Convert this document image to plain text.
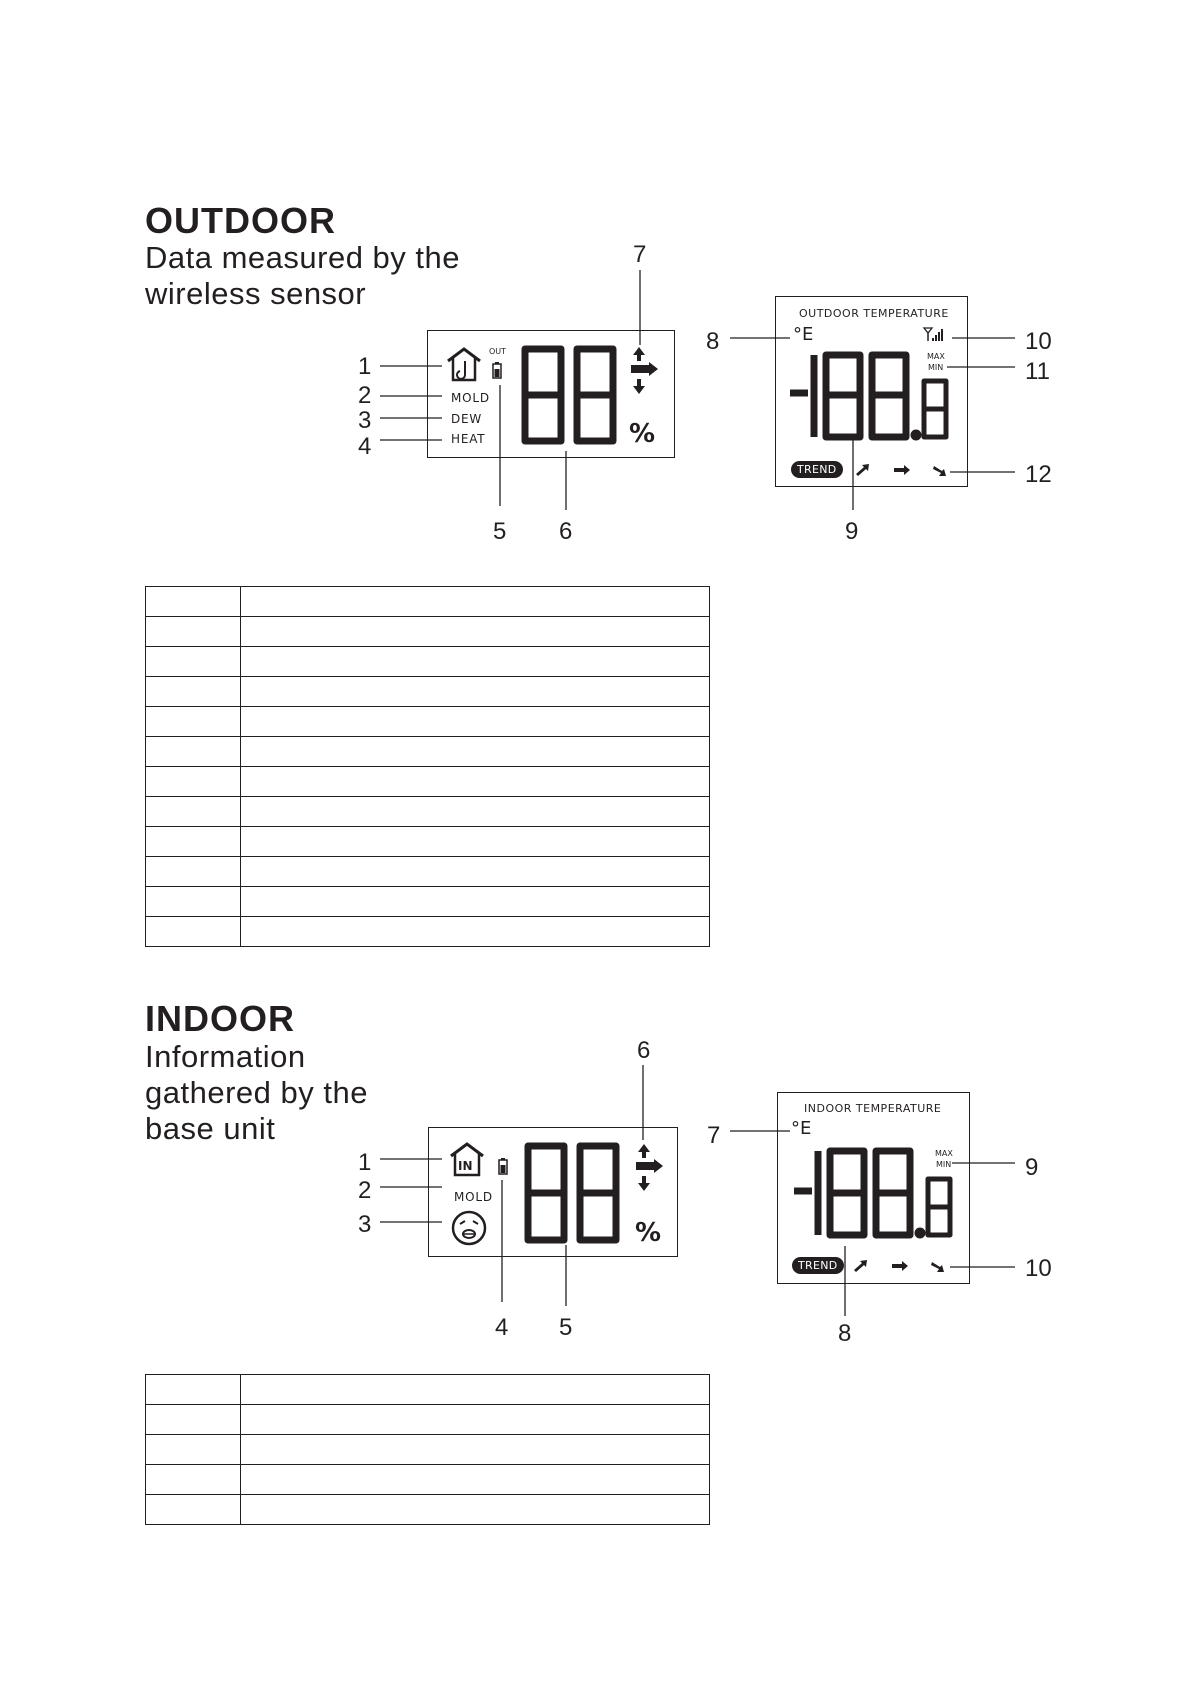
OUTDOOR

Data measured by the
wireless sensor

OUT
MOLD
DEW
HEAT	%
OUTDOOR TEMPERATURE
°E
MAX
MIN
TREND
1
2
3
4
5 6
7
8
9
10
11
12

INDOOR

Information
gathered by the
base unit

IN
MOLD
%
INDOOR TEMPERATURE
°E
MAX
MIN
TREND
1
2
3
4 5
6
7
8
9
10
